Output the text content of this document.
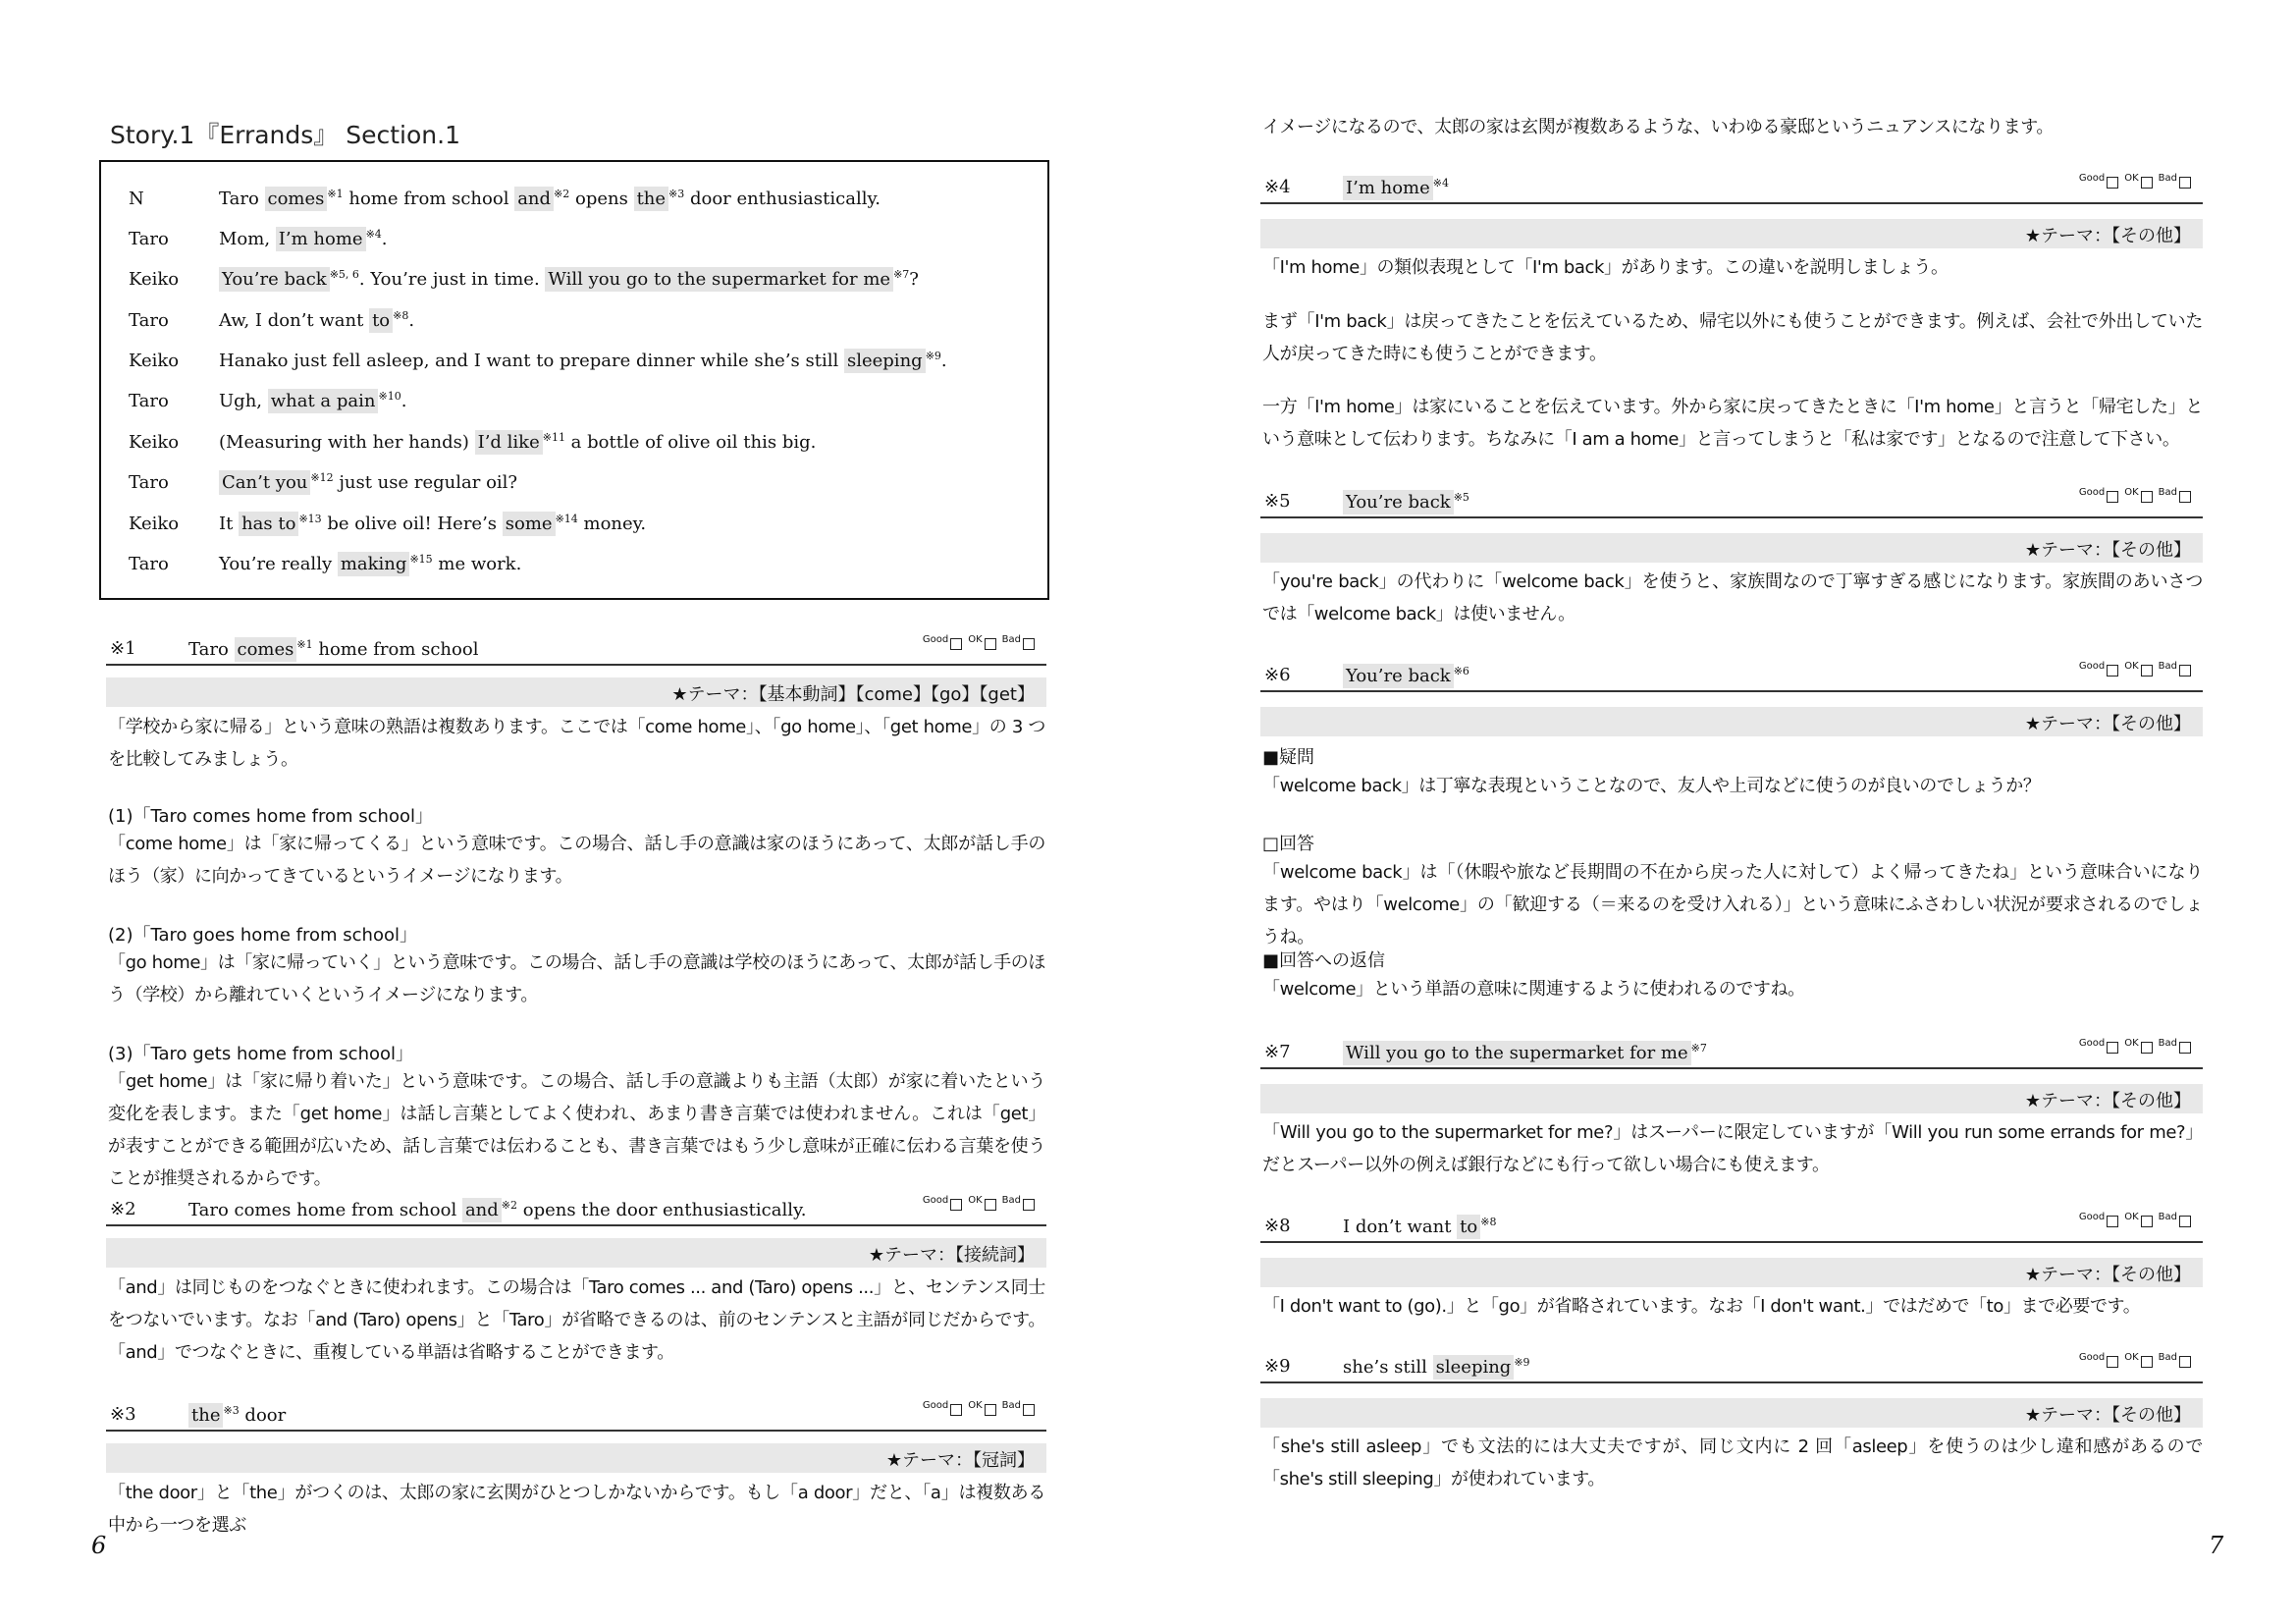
Story.1『Errands』 Section.1
N	Taro comes $^{※1}$ home from school and $^{※2}$ opens the $^{※3}$ door enthusiastically.
Taro	Mom, I’m home $^{※4}$.
Keiko You’re back $^{※5, 6}$. You’re just in time. Will you go to the supermarket for me $^{※7}$?
Taro	Aw, I don’t want to $^{※8}$.
Keiko Hanako just fell asleep, and I want to prepare dinner while she’s still sleeping $^{※9}$.
Taro	Ugh, what a pain $^{※10}$.
Keiko (Measuring with her hands) I’d like $^{※11}$ a bottle of olive oil this big.
Taro	Can’t you $^{※12}$ just use regular oil?
Keiko It has to $^{※13}$ be olive oil! Here’s some $^{※14}$ money.
Taro	You’re really making $^{※15}$ me work.
※1	Taro comes $^{※1}$ home from school	Good OK Bad
★テーマ：【基本動詞】【come】【go】【get】
「学校から家に帰る」という意味の熟語は複数あります。ここでは「come home」、「go home」、「get home」の 3 つを比較してみましょう。
(1)「Taro comes home from school」
「come home」は「家に帰ってくる」という意味です。この場合、話し手の意識は家のほうにあって、太郎が話し手のほう（家）に向かってきているというイメージになります。
(2)「Taro goes home from school」
「go home」は「家に帰っていく」という意味です。この場合、話し手の意識は学校のほうにあって、太郎が話し手のほう（学校）から離れていくというイメージになります。
(3)「Taro gets home from school」
「get home」は「家に帰り着いた」という意味です。この場合、話し手の意識よりも主語（太郎）が家に着いたという変化を表します。また「get home」は話し言葉としてよく使われ、あまり書き言葉では使われません。これは「get」が表すことができる範囲が広いため、話し言葉では伝わることも、書き言葉ではもう少し意味が正確に伝わる言葉を使うことが推奨されるからです。
※2	Taro comes home from school and $^{※2}$ opens the door enthusiastically.	Good OK Bad
★テーマ：【接続詞】
「and」は同じものをつなぐときに使われます。この場合は「Taro comes ... and (Taro) opens ...」と、センテンス同士をつないでいます。なお「and (Taro) opens」と「Taro」が省略できるのは、前のセンテンスと主語が同じだからです。「and」でつなぐときに、重複している単語は省略することができます。
※3	the $^{※3}$ door	Good OK Bad
★テーマ：【冠詞】
「the door」と「the」がつくのは、太郎の家に玄関がひとつしかないからです。もし「a door」だと、「a」は複数ある中から一つを選ぶ
6
イメージになるので、太郎の家は玄関が複数あるような、いわゆる豪邸というニュアンスになります。
※4	I’m home $^{※4}$	Good OK Bad
★テーマ：【その他】
「I'm home」の類似表現として「I'm back」があります。この違いを説明しましょう。
まず「I'm back」は戻ってきたことを伝えているため、帰宅以外にも使うことができます。例えば、会社で外出していた人が戻ってきた時にも使うことができます。
一方「I'm home」は家にいることを伝えています。外から家に戻ってきたときに「I'm home」と言うと「帰宅した」という意味として伝わります。ちなみに「I am a home」と言ってしまうと「私は家です」となるので注意して下さい。
※5	You’re back $^{※5}$	Good OK Bad
★テーマ：【その他】
「you're back」の代わりに「welcome back」を使うと、家族間なので丁寧すぎる感じになります。家族間のあいさつでは「welcome back」は使いません。
※6	You’re back $^{※6}$	Good OK Bad
★テーマ：【その他】
■疑問
「welcome back」は丁寧な表現ということなので、友人や上司などに使うのが良いのでしょうか？
□回答
「welcome back」は「（休暇や旅など長期間の不在から戻った人に対して）よく帰ってきたね」という意味合いになります。やはり「welcome」の「歓迎する（＝来るのを受け入れる）」という意味にふさわしい状況が要求されるのでしょうね。
■回答への返信
「welcome」という単語の意味に関連するように使われるのですね。
※7	Will you go to the supermarket for me $^{※7}$	Good OK Bad
★テーマ：【その他】
「Will you go to the supermarket for me?」はスーパーに限定していますが「Will you run some errands for me?」だとスーパー以外の例えば銀行などにも行って欲しい場合にも使えます。
※8	I don’t want to $^{※8}$	Good OK Bad
★テーマ：【その他】
「I don't want to (go).」と「go」が省略されています。なお「I don't want.」ではだめで「to」まで必要です。
※9	she’s still sleeping $^{※9}$	Good OK Bad
★テーマ：【その他】
「she's still asleep」でも文法的には大丈夫ですが、同じ文内に 2 回「asleep」を使うのは少し違和感があるので「she's still sleeping」が使われています。
7
